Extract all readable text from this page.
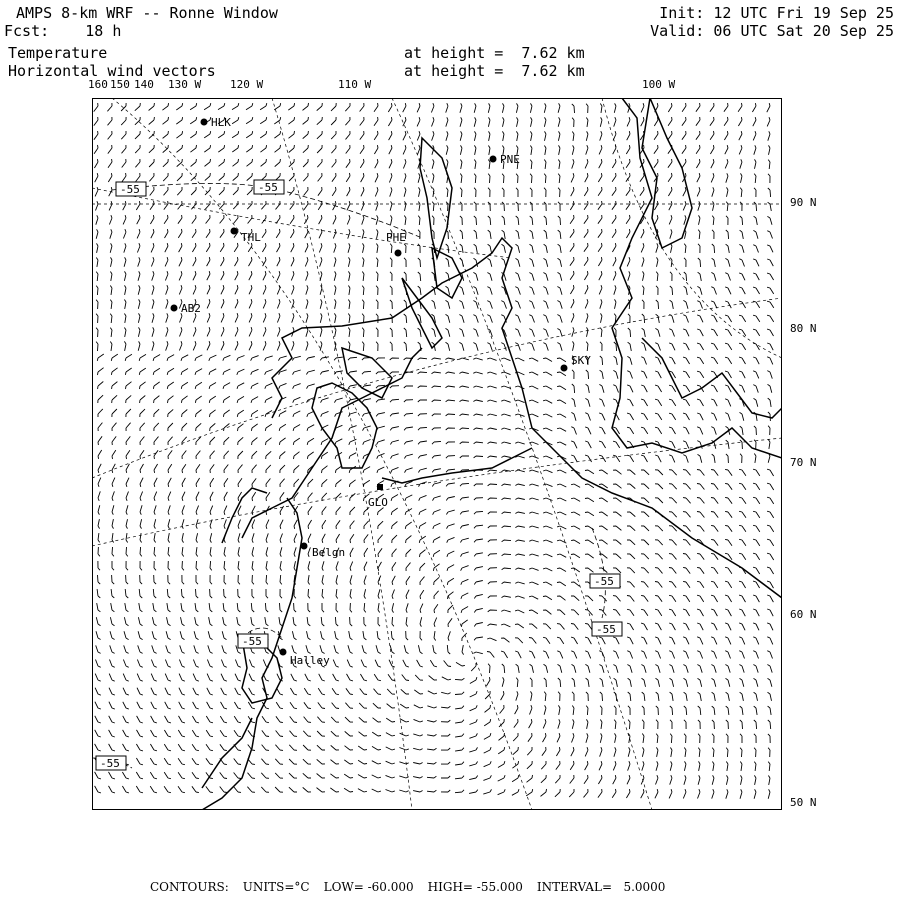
AMPS 8-km WRF -- Ronne Window
Fcst:    18 h
Temperature
Horizontal wind vectors
Init: 12 UTC Fri 19 Sep 25
Valid: 06 UTC Sat 20 Sep 25
at height =  7.62 km
at height =  7.62 km
160 150 140 130 W	120 W	110 W	100 W
90 N
80 N
70 N
60 N
50 N
-55	-55
-55
-55
-55
-55
HLK
PNE
THL	PHE
AB2
SKY
GLO
Belgn
Halley
CONTOURS: UNITS=°C LOW= -60.000 HIGH= -55.000 INTERVAL=   5.0000
